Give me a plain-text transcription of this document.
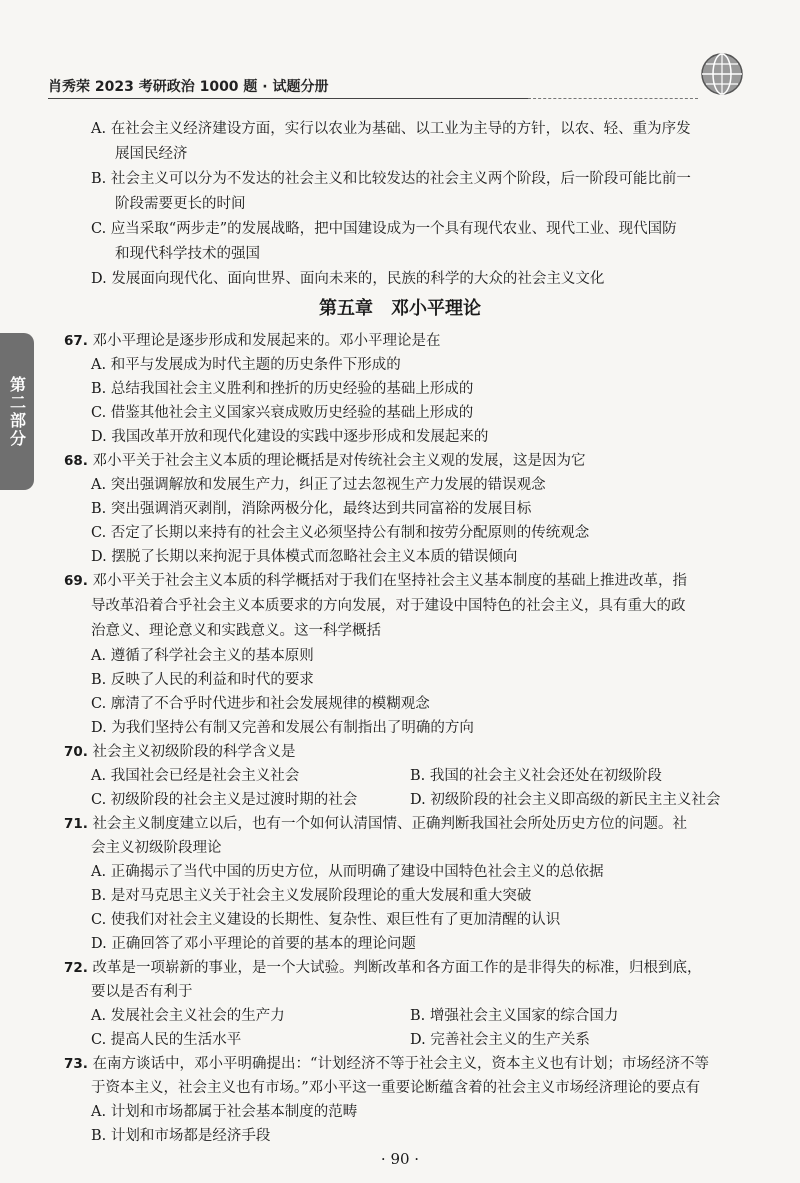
肖秀荣 2023 考研政治 1000 题 · 试题分册
第二部分
A. 在社会主义经济建设方面，实行以农业为基础、以工业为主导的方针，以农、轻、重为序发
展国民经济
B. 社会主义可以分为不发达的社会主义和比较发达的社会主义两个阶段，后一阶段可能比前一
阶段需要更长的时间
C. 应当采取“两步走”的发展战略，把中国建设成为一个具有现代农业、现代工业、现代国防
和现代科学技术的强国
D. 发展面向现代化、面向世界、面向未来的，民族的科学的大众的社会主义文化
第五章　邓小平理论
67. 邓小平理论是逐步形成和发展起来的。邓小平理论是在
A. 和平与发展成为时代主题的历史条件下形成的
B. 总结我国社会主义胜利和挫折的历史经验的基础上形成的
C. 借鉴其他社会主义国家兴衰成败历史经验的基础上形成的
D. 我国改革开放和现代化建设的实践中逐步形成和发展起来的
68. 邓小平关于社会主义本质的理论概括是对传统社会主义观的发展，这是因为它
A. 突出强调解放和发展生产力，纠正了过去忽视生产力发展的错误观念
B. 突出强调消灭剥削，消除两极分化，最终达到共同富裕的发展目标
C. 否定了长期以来持有的社会主义必须坚持公有制和按劳分配原则的传统观念
D. 摆脱了长期以来拘泥于具体模式而忽略社会主义本质的错误倾向
69. 邓小平关于社会主义本质的科学概括对于我们在坚持社会主义基本制度的基础上推进改革，指
导改革沿着合乎社会主义本质要求的方向发展，对于建设中国特色的社会主义，具有重大的政
治意义、理论意义和实践意义。这一科学概括
A. 遵循了科学社会主义的基本原则
B. 反映了人民的利益和时代的要求
C. 廓清了不合乎时代进步和社会发展规律的模糊观念
D. 为我们坚持公有制又完善和发展公有制指出了明确的方向
70. 社会主义初级阶段的科学含义是
A. 我国社会已经是社会主义社会	B. 我国的社会主义社会还处在初级阶段
C. 初级阶段的社会主义是过渡时期的社会	D. 初级阶段的社会主义即高级的新民主主义社会
71. 社会主义制度建立以后，也有一个如何认清国情、正确判断我国社会所处历史方位的问题。社
会主义初级阶段理论
A. 正确揭示了当代中国的历史方位，从而明确了建设中国特色社会主义的总依据
B. 是对马克思主义关于社会主义发展阶段理论的重大发展和重大突破
C. 使我们对社会主义建设的长期性、复杂性、艰巨性有了更加清醒的认识
D. 正确回答了邓小平理论的首要的基本的理论问题
72. 改革是一项崭新的事业，是一个大试验。判断改革和各方面工作的是非得失的标准，归根到底，
要以是否有利于
A. 发展社会主义社会的生产力	B. 增强社会主义国家的综合国力
C. 提高人民的生活水平	D. 完善社会主义的生产关系
73. 在南方谈话中，邓小平明确提出：“计划经济不等于社会主义，资本主义也有计划；市场经济不等
于资本主义，社会主义也有市场。”邓小平这一重要论断蕴含着的社会主义市场经济理论的要点有
A. 计划和市场都属于社会基本制度的范畴
B. 计划和市场都是经济手段
· 90 ·
